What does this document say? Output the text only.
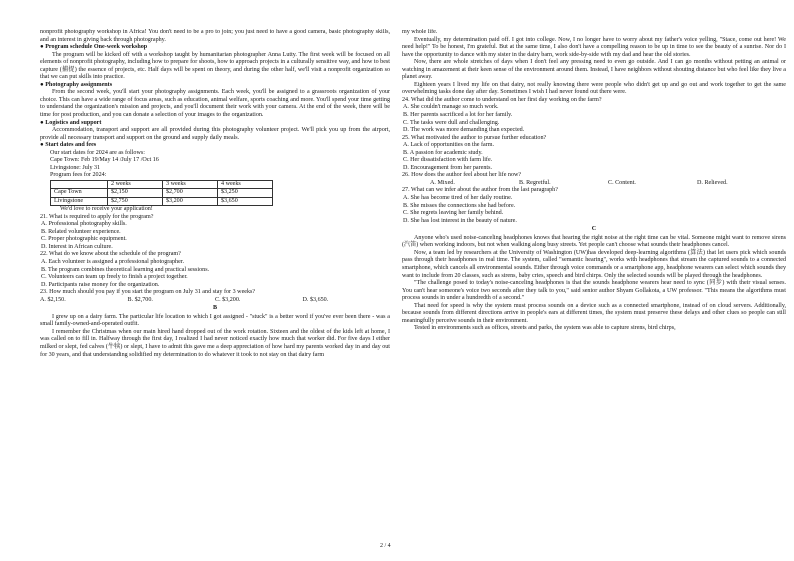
nonprofit photography workshop in Africa! You don't need to be a pro to join; you just need to have a good camera, basic photography skills, and an interest in giving back through photography.

● Program schedule One-week workshop

The program will be kicked off with a workshop taught by humanitarian photographer Anna Lutty. The first week will be focused on all elements of nonprofit photography, including how to prepare for shoots, how to approach projects in a culturally sensitive way, and how to best capture (捕捉) the essence of projects, etc. Half days will be spent on theory, and during the other half, we'll visit a nonprofit organization so that we can put skills into practice.

● Photography assignments

From the second week, you'll start your photography assignments. Each week, you'll be assigned to a grassroots organization of your choice. This can have a wide range of focus areas, such as education, animal welfare, sports coaching and more. You'll spend your time getting to understand the organization's mission and projects, and you'll document their work with your camera. At the end of the week, there will be time for post production, and you can donate a selection of your images to the organization.

● Logistics and support

Accommodation, transport and support are all provided during this photography volunteer project. We'll pick you up from the airport, provide all necessary transport and support on the ground and supply daily meals.

● Start dates and fees

Our start dates for 2024 are as follows:

Cape Town: Feb 19/May 14 /July 17 /Oct 16

Livingstone: July 31

Program fees for 2024:

	2 weeks	3 weeks	4 weeks
Cape Town	$2,150	$2,700	$3,250
Livingstone	$2,750	$3,200	$3,650

We'd love to receive your application!

21. What is required to apply for the program?

A. Professional photography skills.

B. Related volunteer experience.

C. Proper photographic equipment.

D. Interest in African culture.

22. What do we know about the schedule of the program?

A. Each volunteer is assigned a professional photographer.

B. The program combines theoretical learning and practical sessions.

C. Volunteers can team up freely to finish a project together.

D. Participants raise money for the organization.

23. How much should you pay if you start the program on July 31 and stay for 3 weeks?

A. $2,150.	B. $2,700.	C. $3,200.	D. $3,650.

B

I grew up on a dairy farm. The particular life location to which I got assigned - "stuck" is a better word if you've ever been there - was a small family-owned-and-operated outfit.

I remember the Christmas when our main hired hand dropped out of the work rotation. Sixteen and the oldest of the kids left at home, I was called on to fill in. Halfway through the first day, I realized I had never noticed exactly how much that worker did. For five days I either milked or slept, fed calves (牛犊) or slept, I have to admit this gave me a deep appreciation of how hard my parents worked day in and day out for 30 years, and that understanding solidified my determination to do whatever it took to not stay on that dairy farm

my whole life.

Eventually, my determination paid off. I got into college. Now, I no longer have to worry about my father's voice yelling, "Stace, come out here! We need help!" To be honest, I'm grateful. But at the same time, I also don't have a compelling reason to be up in time to see the beauty of a sunrise. Nor do I have the opportunity to dance with my sister in the dairy barn, work side-by-side with my dad and hear the old stories.

Now, there are whole stretches of days when I don't feel any pressing need to even go outside. And I can go months without petting an animal or watching in amazement at their keen sense of the environment around them. Instead, I have neighbors without shouting distance but who feel like they live a planet away.

Eighteen years I lived my life on that dairy, not really knowing there were people who didn't get up and go out and work together to get the same overwhelming tasks done day after day. Sometimes I wish I had never found out there were.

24. What did the author come to understand on her first day working on the farm?

A. She couldn't manage so much work.

B. Her parents sacrificed a lot for her family.

C. The tasks were dull and challenging.

D. The work was more demanding than expected.

25. What motivated the author to pursue further education?

A. Lack of opportunities on the farm.

B. A passion for academic study.

C. Her dissatisfaction with farm life.

D. Encouragement from her parents.

26. How does the author feel about her life now?

A. Mixed.	B. Regretful.	C. Content.	D. Relieved.

27. What can we infer about the author from the last paragraph?

A. She has become tired of her daily routine.

B. She misses the connections she had before.

C. She regrets leaving her family behind.

D. She has lost interest in the beauty of nature.

C

Anyone who's used noise-canceling headphones knows that hearing the right noise at the right time can be vital. Someone might want to remove sirens (汽笛) when working indoors, but not when walking along busy streets. Yet people can't choose what sounds their headphones cancel.

Now, a team led by researchers at the University of Washington (UW)has developed deep-learning algorithms (算法) that let users pick which sounds pass through their headphones in real time. The system, called "semantic hearing", works with headphones that stream the captured sounds to a connected smartphone, which cancels all environmental sounds. Either through voice commands or a smartphone app, headphone wearers can select which sounds they want to include from 20 classes, such as sirens, baby cries, speech and bird chirps. Only the selected sounds will be played through the headphones.

"The challenge posed to today's noise-canceling headphones is that the sounds headphone wearers hear need to sync (同步) with their visual senses. You can't hear someone's voice two seconds after they talk to you," said senior author Shyam Gollakota, a UW professor. "This means the algorithms must process sounds in under a hundredth of a second."

That need for speed is why the system must process sounds on a device such as a connected smartphone, instead of on cloud servers. Additionally, because sounds from different directions arrive in people's ears at different times, the system must preserve these delays and other clues so people can still meaningfully perceive sounds in their environment.

Tested in environments such as offices, streets and parks, the system was able to capture sirens, bird chirps,

2 / 4
